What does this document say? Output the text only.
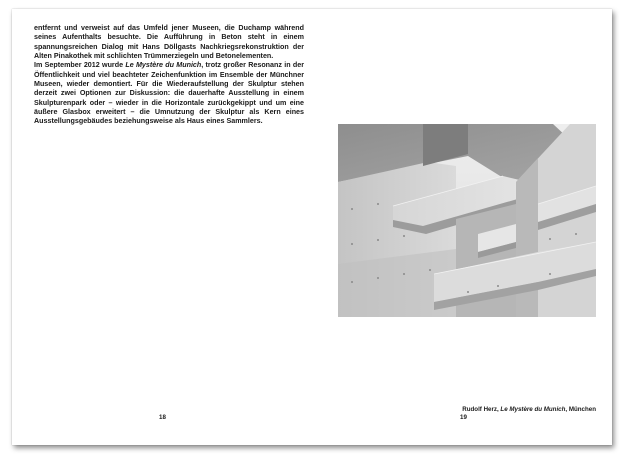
entfernt und verweist auf das Umfeld jener Museen, die Duchamp während seines Aufenthalts besuchte. Die Aufführung in Beton steht in einem spannungsreichen Dialog mit Hans Döllgasts Nachkriegsrekonstruktion der Alten Pinakothek mit schlichten Trümmerziegeln und Betonelementen.

Im September 2012 wurde Le Mystère du Munich, trotz großer Resonanz in der Öffentlichkeit und viel beachteter Zeichenfunktion im Ensemble der Münchner Museen, wieder demontiert. Für die Wiederaufstellung der Skulptur stehen derzeit zwei Optionen zur Diskussion: die dauerhafte Ausstellung in einem Skulpturenpark oder – wieder in die Horizontale zurückgekippt und um eine äußere Glasbox erweitert – die Umnutzung der Skulptur als Kern eines Ausstellungsgebäudes beziehungsweise als Haus eines Sammlers.

18
Rudolf Herz, Le Mystère du Munich, München
19
